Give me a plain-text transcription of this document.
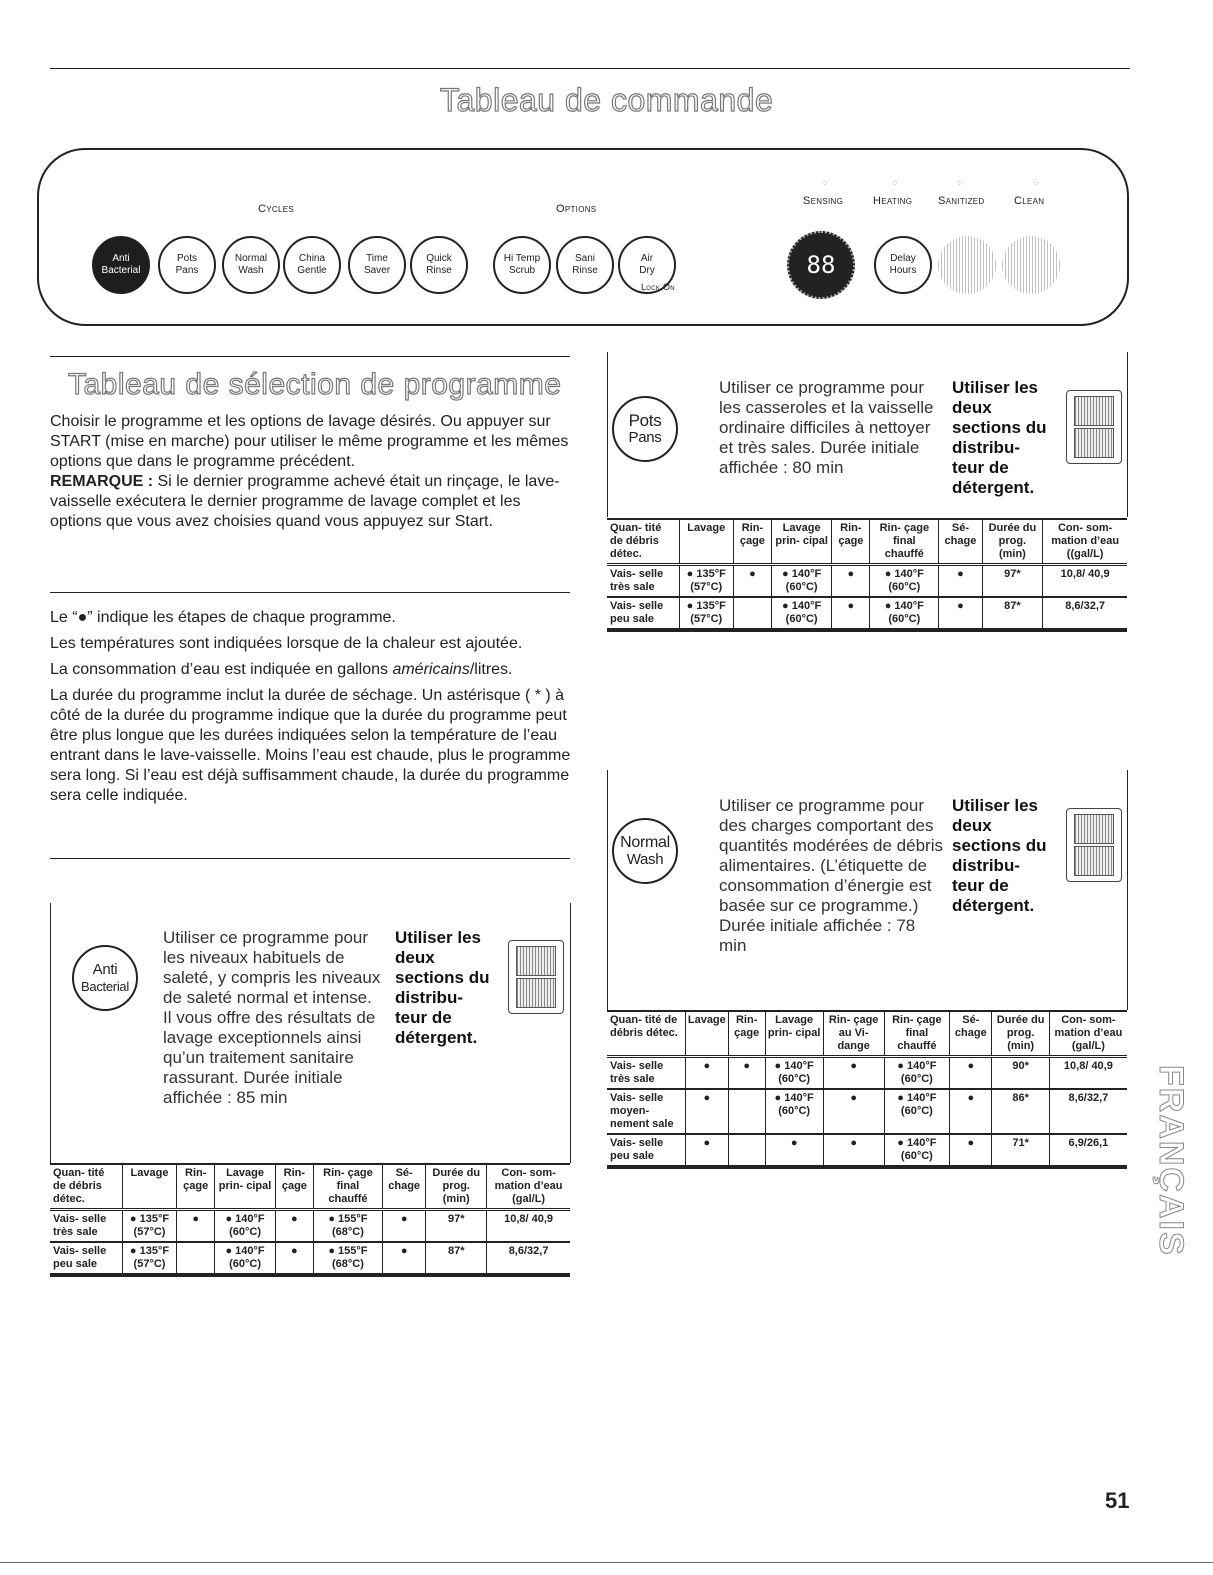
Tableau de commande
Cycles	Options
Anti
Bacterial
Pots
Pans
Normal
Wash
China
Gentle
Time
Saver
Quick
Rinse
Hi Temp
Scrub
Sani
Rinse
Air
Dry
Lock On
Sensing
⁘
Heating
⁘
Sanitized
⁘
Clean
⁘
88	Delay
Hours
Tableau de sélection de programme
Choisir le programme et les options de lavage désirés. Ou appuyer sur START (mise en marche) pour utiliser le même programme et les mêmes options que dans le programme précédent.
REMARQUE : Si le dernier programme achevé était un rinçage, le lave-vaisselle exécutera le dernier programme de lavage complet et les options que vous avez choisies quand vous appuyez sur Start.
Le “●” indique les étapes de chaque programme.
Les températures sont indiquées lorsque de la chaleur est ajoutée.
La consommation d’eau est indiquée en gallons américains/litres.
La durée du programme inclut la durée de séchage. Un astérisque ( * ) à côté de la durée du programme indique que la durée du programme peut être plus longue que les durées indiquées selon la température de l’eau entrant dans le lave-vaisselle. Moins l’eau est chaude, plus le programme sera long. Si l’eau est déjà suffisamment chaude, la durée du programme sera celle indiquée.
Anti
Bacterial
Utiliser ce programme pour les niveaux habituels de saleté, y compris les niveaux de saleté normal et intense. Il vous offre des résultats de lavage exceptionnels ainsi qu’un traitement sanitaire rassurant. Durée initiale affichée : 85 min
Utiliser les deux sections du distribu- teur de détergent.
Quan- tité de débris détec.	Lavage	Rin- çage	Lavage prin- cipal	Rin- çage	Rin- çage final chauffé	Sé- chage	Durée du prog. (min)	Con- som- mation d’eau (gal/L)
Vais- selle très sale	● 135°F (57°C)	●	● 140°F (60°C)	●	● 155°F (68°C)	●	97*	10,8/ 40,9
Vais- selle peu sale	● 135°F (57°C)		● 140°F (60°C)	●	● 155°F (68°C)	●	87*	8,6/32,7
Pots
Pans
Utiliser ce programme pour les casseroles et la vaisselle ordinaire difficiles à nettoyer et très sales. Durée initiale affichée : 80 min
Utiliser les deux sections du distribu- teur de détergent.
Quan- tité de débris détec.	Lavage	Rin- çage	Lavage prin- cipal	Rin- çage	Rin- çage final chauffé	Sé- chage	Durée du prog. (min)	Con- som- mation d’eau ((gal/L)
Vais- selle très sale	● 135°F (57°C)	●	● 140°F (60°C)	●	● 140°F (60°C)	●	97*	10,8/ 40,9
Vais- selle peu sale	● 135°F (57°C)		● 140°F (60°C)	●	● 140°F (60°C)	●	87*	8,6/32,7
Normal
Wash
Utiliser ce programme pour des charges comportant des quantités modérées de débris alimentaires. (L’étiquette de consommation d’énergie est basée sur ce programme.) Durée initiale affichée : 78 min
Utiliser les deux sections du distribu- teur de détergent.
Quan- tité de débris détec.	Lavage	Rin- çage	Lavage prin- cipal	Rin- çage au Vi- dange	Rin- çage final chauffé	Sé- chage	Durée du prog. (min)	Con- som- mation d’eau (gal/L)
Vais- selle très sale	●	●	● 140°F (60°C)	●	● 140°F (60°C)	●	90*	10,8/ 40,9
Vais- selle moyen- nement sale	●		● 140°F (60°C)	●	● 140°F (60°C)	●	86*	8,6/32,7
Vais- selle peu sale	●		●	●	● 140°F (60°C)	●	71*	6,9/26,1 FRANÇAIS
51
